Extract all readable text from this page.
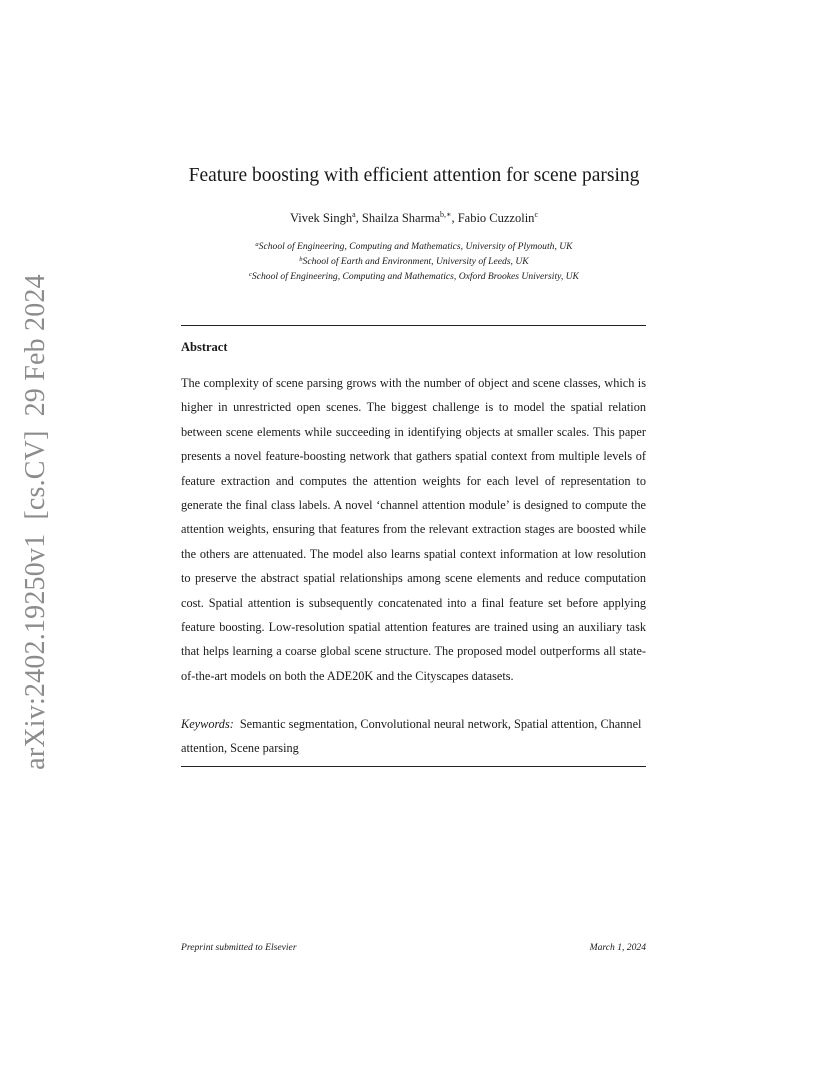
arXiv:2402.19250v1[cs.CV]29 Feb 2024
Feature boosting with efficient attention for scene parsing
Vivek Singh$^a$, Shailza Sharma$^{b,∗}$, Fabio Cuzzolin$^c$
$^a$School of Engineering, Computing and Mathematics, University of Plymouth, UK
$^b$School of Earth and Environment, University of Leeds, UK
$^c$School of Engineering, Computing and Mathematics, Oxford Brookes University, UK
Abstract
The complexity of scene parsing grows with the number of object and scene classes, which is higher in unrestricted open scenes. The biggest challenge is to model the spatial relation between scene elements while succeeding in identifying objects at smaller scales. This paper presents a novel feature-boosting network that gathers spatial context from multiple levels of feature extraction and computes the attention weights for each level of representation to generate the final class labels. A novel ‘channel attention module’ is designed to compute the attention weights, ensuring that features from the relevant extraction stages are boosted while the others are attenuated. The model also learns spatial context information at low resolution to preserve the abstract spatial relationships among scene elements and reduce computation cost. Spatial attention is subsequently concatenated into a final feature set before applying feature boosting. Low-resolution spatial attention features are trained using an auxiliary task that helps learning a coarse global scene structure. The proposed model outperforms all state-of-the-art models on both the ADE20K and the Cityscapes datasets.
Keywords: Semantic segmentation, Convolutional neural network, Spatial attention, Channel attention, Scene parsing
Preprint submitted to Elsevier	March 1, 2024
